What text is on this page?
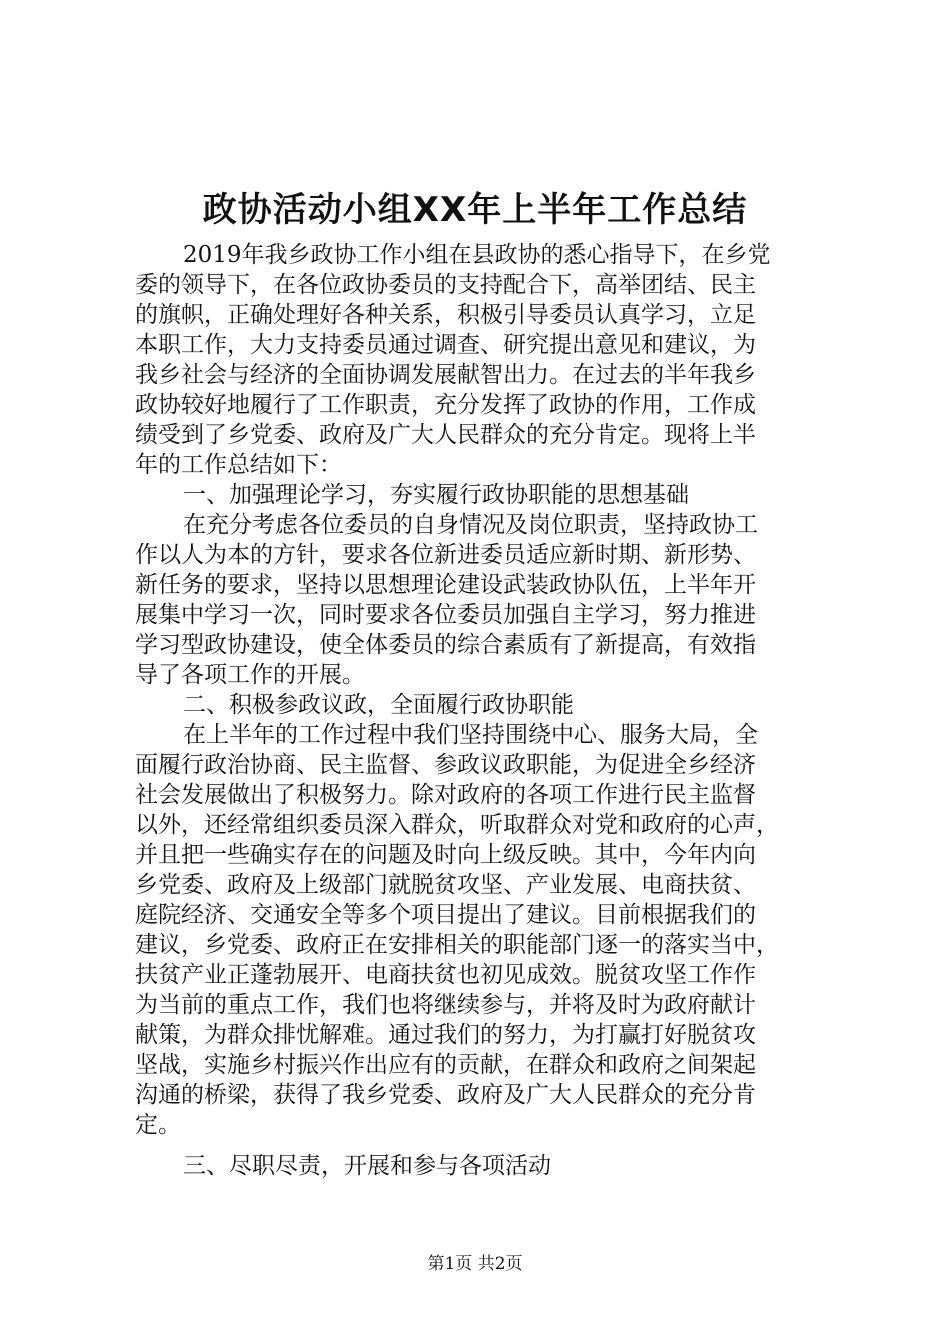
政协活动小组XX年上半年工作总结
2019年我乡政协工作小组在县政协的悉心指导下，在乡党
委的领导下，在各位政协委员的支持配合下，高举团结、民主
的旗帜，正确处理好各种关系，积极引导委员认真学习，立足
本职工作，大力支持委员通过调查、研究提出意见和建议，为
我乡社会与经济的全面协调发展献智出力。在过去的半年我乡
政协较好地履行了工作职责，充分发挥了政协的作用，工作成
绩受到了乡党委、政府及广大人民群众的充分肯定。现将上半
年的工作总结如下：
一、加强理论学习，夯实履行政协职能的思想基础
在充分考虑各位委员的自身情况及岗位职责，坚持政协工
作以人为本的方针，要求各位新进委员适应新时期、新形势、
新任务的要求，坚持以思想理论建设武装政协队伍，上半年开
展集中学习一次，同时要求各位委员加强自主学习，努力推进
学习型政协建设，使全体委员的综合素质有了新提高，有效指
导了各项工作的开展。
二、积极参政议政，全面履行政协职能
在上半年的工作过程中我们坚持围绕中心、服务大局，全
面履行政治协商、民主监督、参政议政职能，为促进全乡经济
社会发展做出了积极努力。除对政府的各项工作进行民主监督
以外，还经常组织委员深入群众，听取群众对党和政府的心声，
并且把一些确实存在的问题及时向上级反映。其中，今年内向
乡党委、政府及上级部门就脱贫攻坚、产业发展、电商扶贫、
庭院经济、交通安全等多个项目提出了建议。目前根据我们的
建议，乡党委、政府正在安排相关的职能部门逐一的落实当中，
扶贫产业正蓬勃展开、电商扶贫也初见成效。脱贫攻坚工作作
为当前的重点工作，我们也将继续参与，并将及时为政府献计
献策，为群众排忧解难。通过我们的努力，为打赢打好脱贫攻
坚战，实施乡村振兴作出应有的贡献，在群众和政府之间架起
沟通的桥梁，获得了我乡党委、政府及广大人民群众的充分肯
定。
三、尽职尽责，开展和参与各项活动
第1页 共2页
